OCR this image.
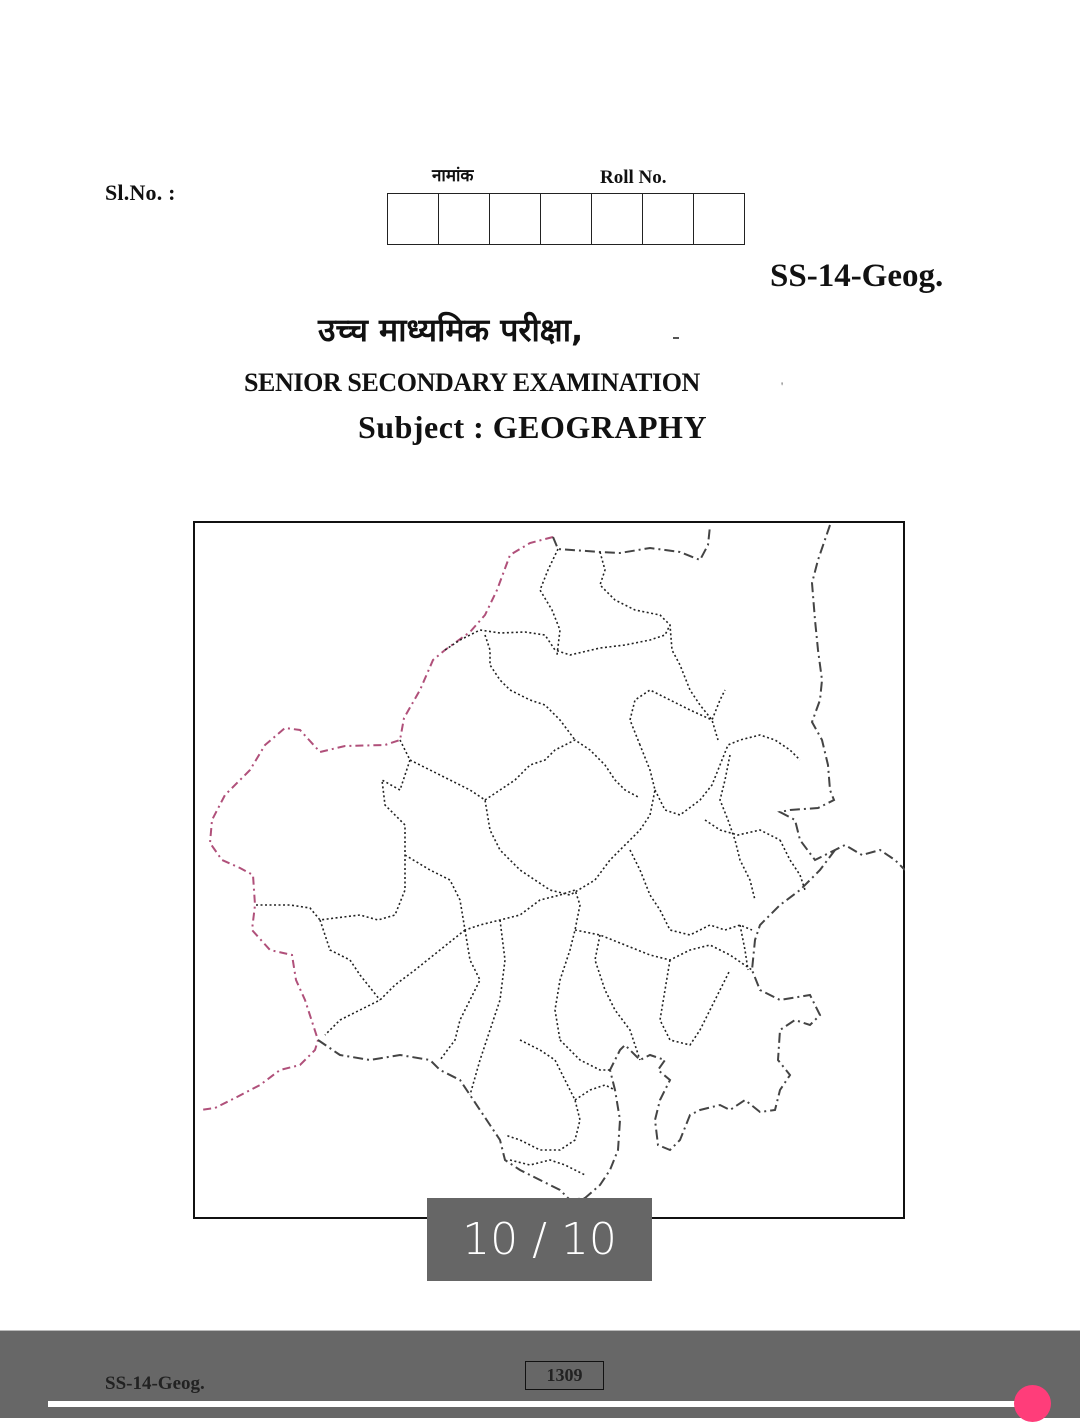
Sl.No. :
नामांक	Roll No.
SS-14-Geog.
उच्च माध्यमिक परीक्षा,
SENIOR SECONDARY EXAMINATION	'
Subject : GEOGRAPHY
10 / 10
SS-14-Geog.	1309
